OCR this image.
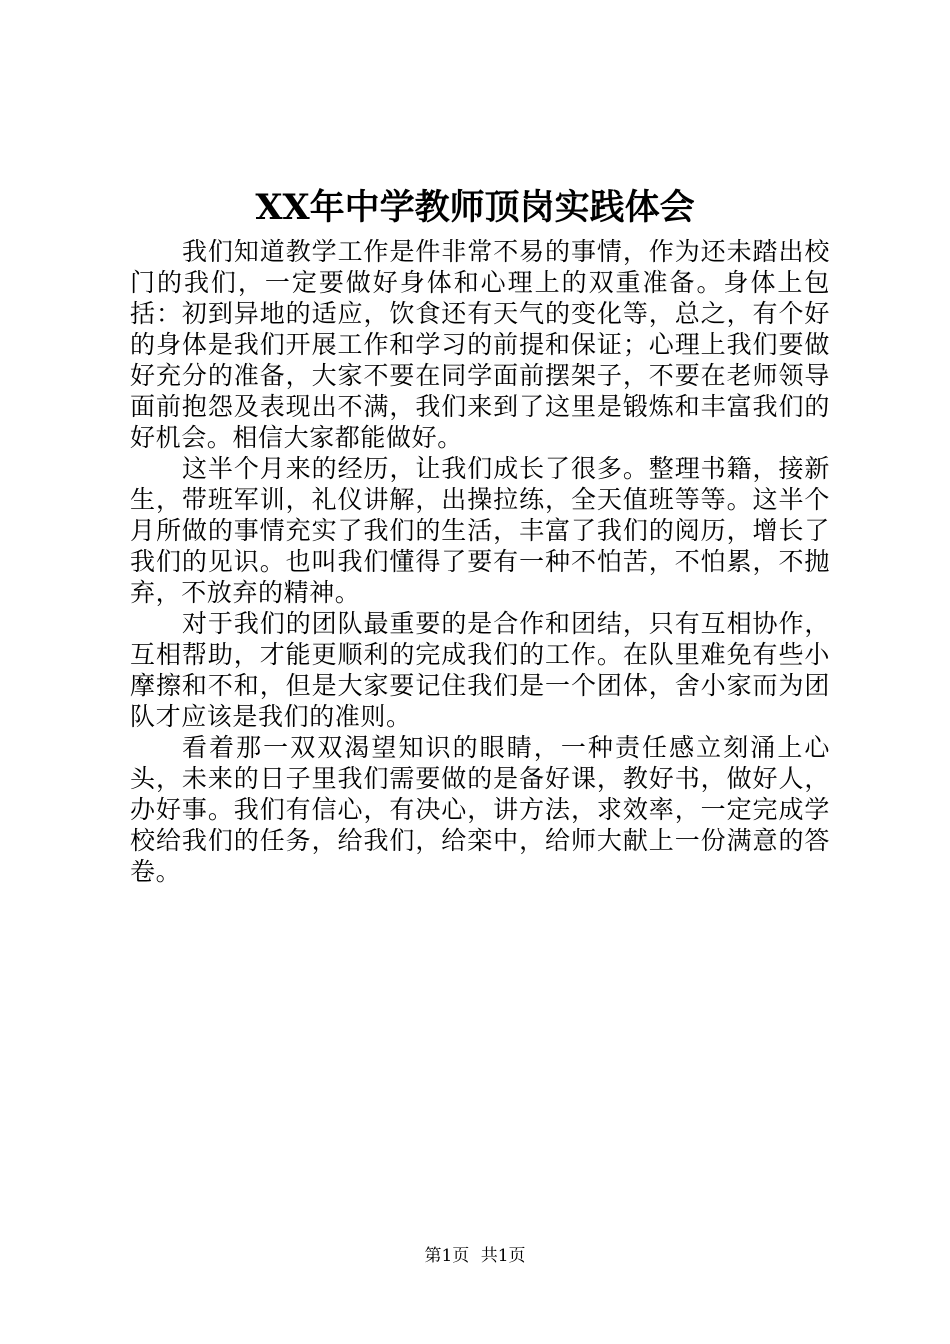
XX年中学教师顶岗实践体会

我们知道教学工作是件非常不易的事情，作为还未踏出校门的我们，一定要做好身体和心理上的双重准备。身体上包括：初到异地的适应，饮食还有天气的变化等，总之，有个好的身体是我们开展工作和学习的前提和保证；心理上我们要做好充分的准备，大家不要在同学面前摆架子，不要在老师领导面前抱怨及表现出不满，我们来到了这里是锻炼和丰富我们的好机会。相信大家都能做好。

这半个月来的经历，让我们成长了很多。整理书籍，接新生，带班军训，礼仪讲解，出操拉练，全天值班等等。这半个月所做的事情充实了我们的生活，丰富了我们的阅历，增长了我们的见识。也叫我们懂得了要有一种不怕苦，不怕累，不抛弃，不放弃的精神。

对于我们的团队最重要的是合作和团结，只有互相协作，互相帮助，才能更顺利的完成我们的工作。在队里难免有些小摩擦和不和，但是大家要记住我们是一个团体，舍小家而为团队才应该是我们的准则。

看着那一双双渴望知识的眼睛，一种责任感立刻涌上心头，未来的日子里我们需要做的是备好课，教好书，做好人，办好事。我们有信心，有决心，讲方法，求效率，一定完成学校给我们的任务，给我们，给栾中，给师大献上一份满意的答卷。

第1页 共1页
